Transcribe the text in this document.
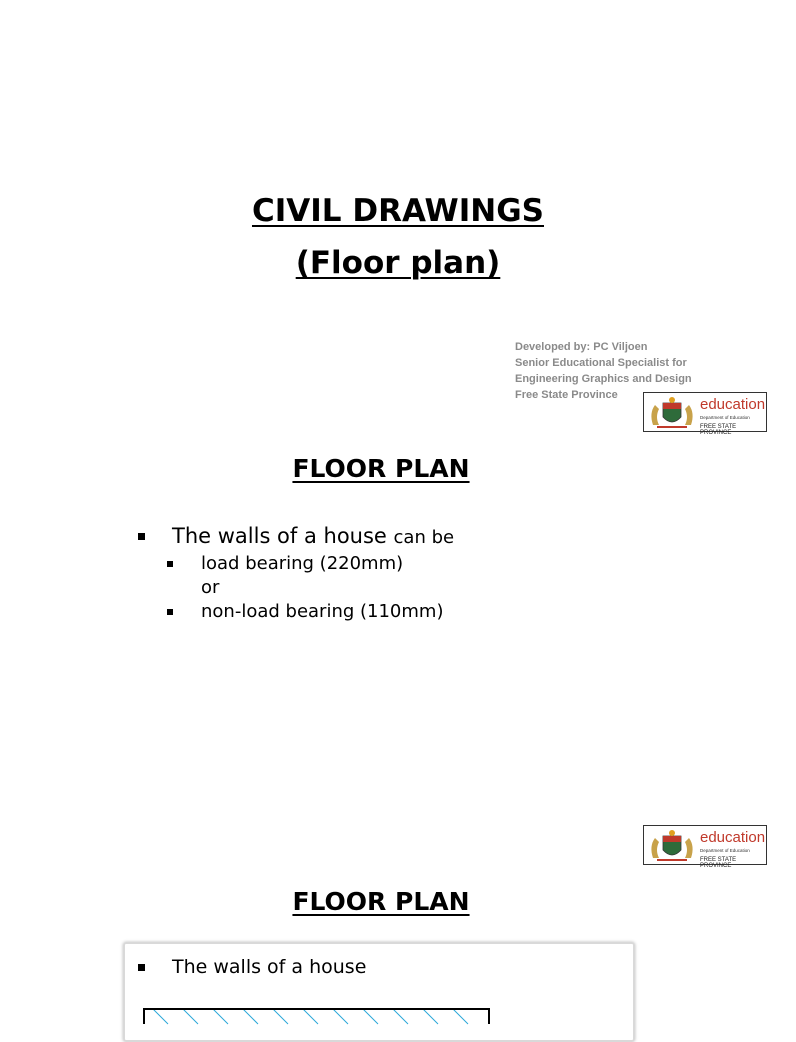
CIVIL DRAWINGS
(Floor plan)
Developed by: PC Viljoen
Senior Educational Specialist for
Engineering Graphics and Design
Free State Province
education
Department of Education
FREE STATE PROVINCE
FLOOR PLAN
The walls of a house can be
load bearing (220mm)
or
non-load bearing (110mm)
education
Department of Education
FREE STATE PROVINCE
FLOOR PLAN
The walls of a house
